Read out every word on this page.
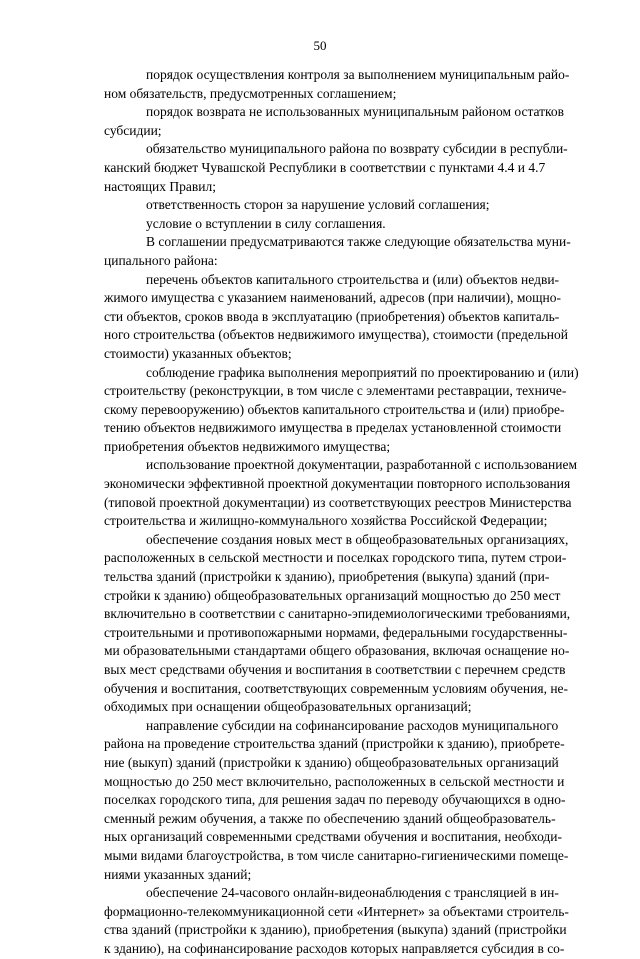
50

порядок осуществления контроля за выполнением муниципальным райо-
ном обязательств, предусмотренных соглашением;

порядок возврата не использованных муниципальным районом остатков
субсидии;

обязательство муниципального района по возврату субсидии в республи-
канский бюджет Чувашской Республики в соответствии с пунктами 4.4 и 4.7
настоящих Правил;

ответственность сторон за нарушение условий соглашения;

условие о вступлении в силу соглашения.

В соглашении предусматриваются также следующие обязательства муни-
ципального района:

перечень объектов капитального строительства и (или) объектов недви-
жимого имущества с указанием наименований, адресов (при наличии), мощно-
сти объектов, сроков ввода в эксплуатацию (приобретения) объектов капиталь-
ного строительства (объектов недвижимого имущества), стоимости (предельной
стоимости) указанных объектов;

соблюдение графика выполнения мероприятий по проектированию и (или)
строительству (реконструкции, в том числе с элементами реставрации, техниче-
скому перевооружению) объектов капитального строительства и (или) приобре-
тению объектов недвижимого имущества в пределах установленной стоимости
приобретения объектов недвижимого имущества;

использование проектной документации, разработанной с использованием
экономически эффективной проектной документации повторного использования
(типовой проектной документации) из соответствующих реестров Министерства
строительства и жилищно-коммунального хозяйства Российской Федерации;

обеспечение создания новых мест в общеобразовательных организациях,
расположенных в сельской местности и поселках городского типа, путем строи-
тельства зданий (пристройки к зданию), приобретения (выкупа) зданий (при-
стройки к зданию) общеобразовательных организаций мощностью до 250 мест
включительно в соответствии с санитарно-эпидемиологическими требованиями,
строительными и противопожарными нормами, федеральными государственны-
ми образовательными стандартами общего образования, включая оснащение но-
вых мест средствами обучения и воспитания в соответствии с перечнем средств
обучения и воспитания, соответствующих современным условиям обучения, не-
обходимых при оснащении общеобразовательных организаций;

направление субсидии на софинансирование расходов муниципального
района на проведение строительства зданий (пристройки к зданию), приобрете-
ние (выкуп) зданий (пристройки к зданию) общеобразовательных организаций
мощностью до 250 мест включительно, расположенных в сельской местности и
поселках городского типа, для решения задач по переводу обучающихся в одно-
сменный режим обучения, а также по обеспечению зданий общеобразователь-
ных организаций современными средствами обучения и воспитания, необходи-
мыми видами благоустройства, в том числе санитарно-гигиеническими помеще-
ниями указанных зданий;

обеспечение 24-часового онлайн-видеонаблюдения с трансляцией в ин-
формационно-телекоммуникационной сети «Интернет» за объектами строитель-
ства зданий (пристройки к зданию), приобретения (выкупа) зданий (пристройки
к зданию), на софинансирование расходов которых направляется субсидия в со-
